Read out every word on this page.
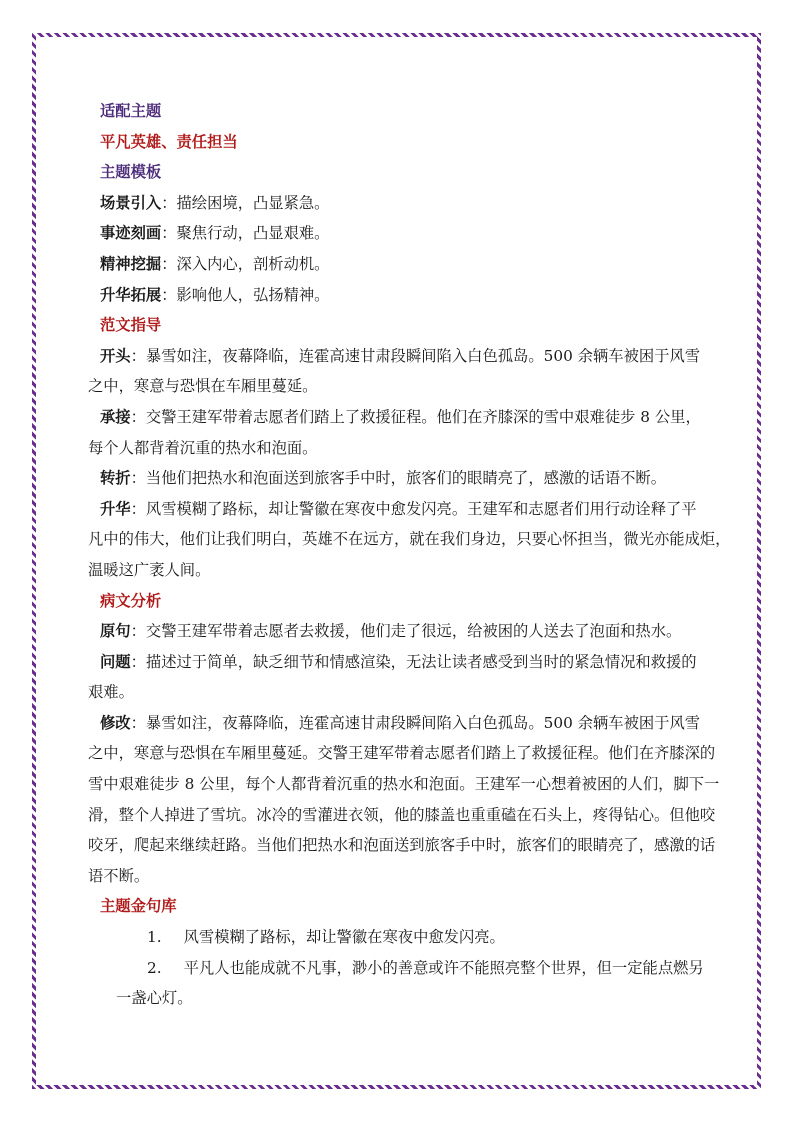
适配主题
平凡英雄、责任担当
主题模板
场景引入：描绘困境，凸显紧急。
事迹刻画：聚焦行动，凸显艰难。
精神挖掘：深入内心，剖析动机。
升华拓展：影响他人，弘扬精神。
范文指导
开头：暴雪如注，夜幕降临，连霍高速甘肃段瞬间陷入白色孤岛。500 余辆车被困于风雪
之中，寒意与恐惧在车厢里蔓延。
承接：交警王建军带着志愿者们踏上了救援征程。他们在齐膝深的雪中艰难徒步 8 公里，
每个人都背着沉重的热水和泡面。
转折：当他们把热水和泡面送到旅客手中时，旅客们的眼睛亮了，感激的话语不断。
升华：风雪模糊了路标，却让警徽在寒夜中愈发闪亮。王建军和志愿者们用行动诠释了平
凡中的伟大，他们让我们明白，英雄不在远方，就在我们身边，只要心怀担当，微光亦能成炬，
温暖这广袤人间。
病文分析
原句：交警王建军带着志愿者去救援，他们走了很远，给被困的人送去了泡面和热水。
问题：描述过于简单，缺乏细节和情感渲染，无法让读者感受到当时的紧急情况和救援的
艰难。
修改：暴雪如注，夜幕降临，连霍高速甘肃段瞬间陷入白色孤岛。500 余辆车被困于风雪
之中，寒意与恐惧在车厢里蔓延。交警王建军带着志愿者们踏上了救援征程。他们在齐膝深的
雪中艰难徒步 8 公里，每个人都背着沉重的热水和泡面。王建军一心想着被困的人们，脚下一
滑，整个人掉进了雪坑。冰冷的雪灌进衣领，他的膝盖也重重磕在石头上，疼得钻心。但他咬
咬牙，爬起来继续赶路。当他们把热水和泡面送到旅客手中时，旅客们的眼睛亮了，感激的话
语不断。
主题金句库
1. 风雪模糊了路标，却让警徽在寒夜中愈发闪亮。
2. 平凡人也能成就不凡事，渺小的善意或许不能照亮整个世界，但一定能点燃另
一盏心灯。
